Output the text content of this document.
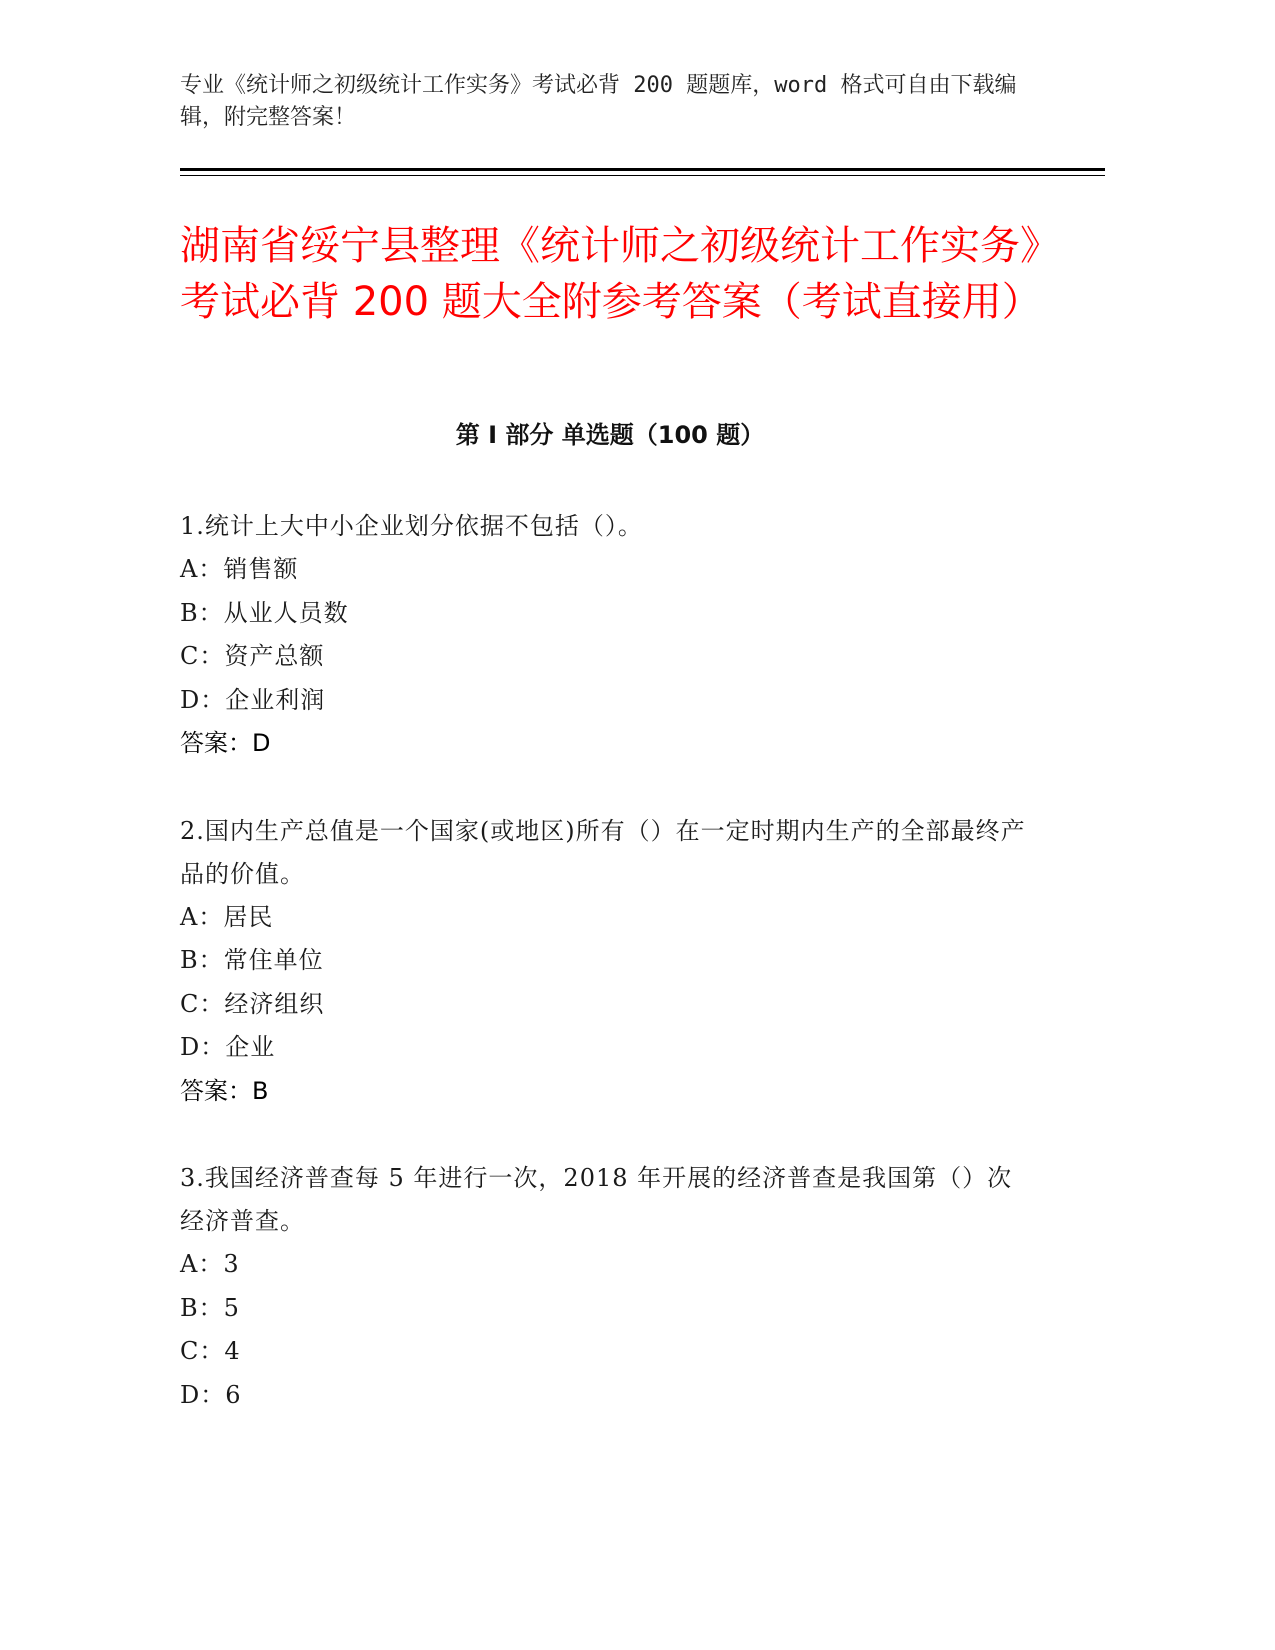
专业《统计师之初级统计工作实务》考试必背 200 题题库，word 格式可自由下载编辑，附完整答案！
湖南省绥宁县整理《统计师之初级统计工作实务》考试必背 200 题大全附参考答案（考试直接用）
第 I 部分 单选题（100 题）
1.统计上大中小企业划分依据不包括（）。
A：销售额
B：从业人员数
C：资产总额
D：企业利润
答案：D
2.国内生产总值是一个国家(或地区)所有（）在一定时期内生产的全部最终产品的价值。
A：居民
B：常住单位
C：经济组织
D：企业
答案：B
3.我国经济普查每 5 年进行一次，2018 年开展的经济普查是我国第（）次经济普查。
A：3
B：5
C：4
D：6
